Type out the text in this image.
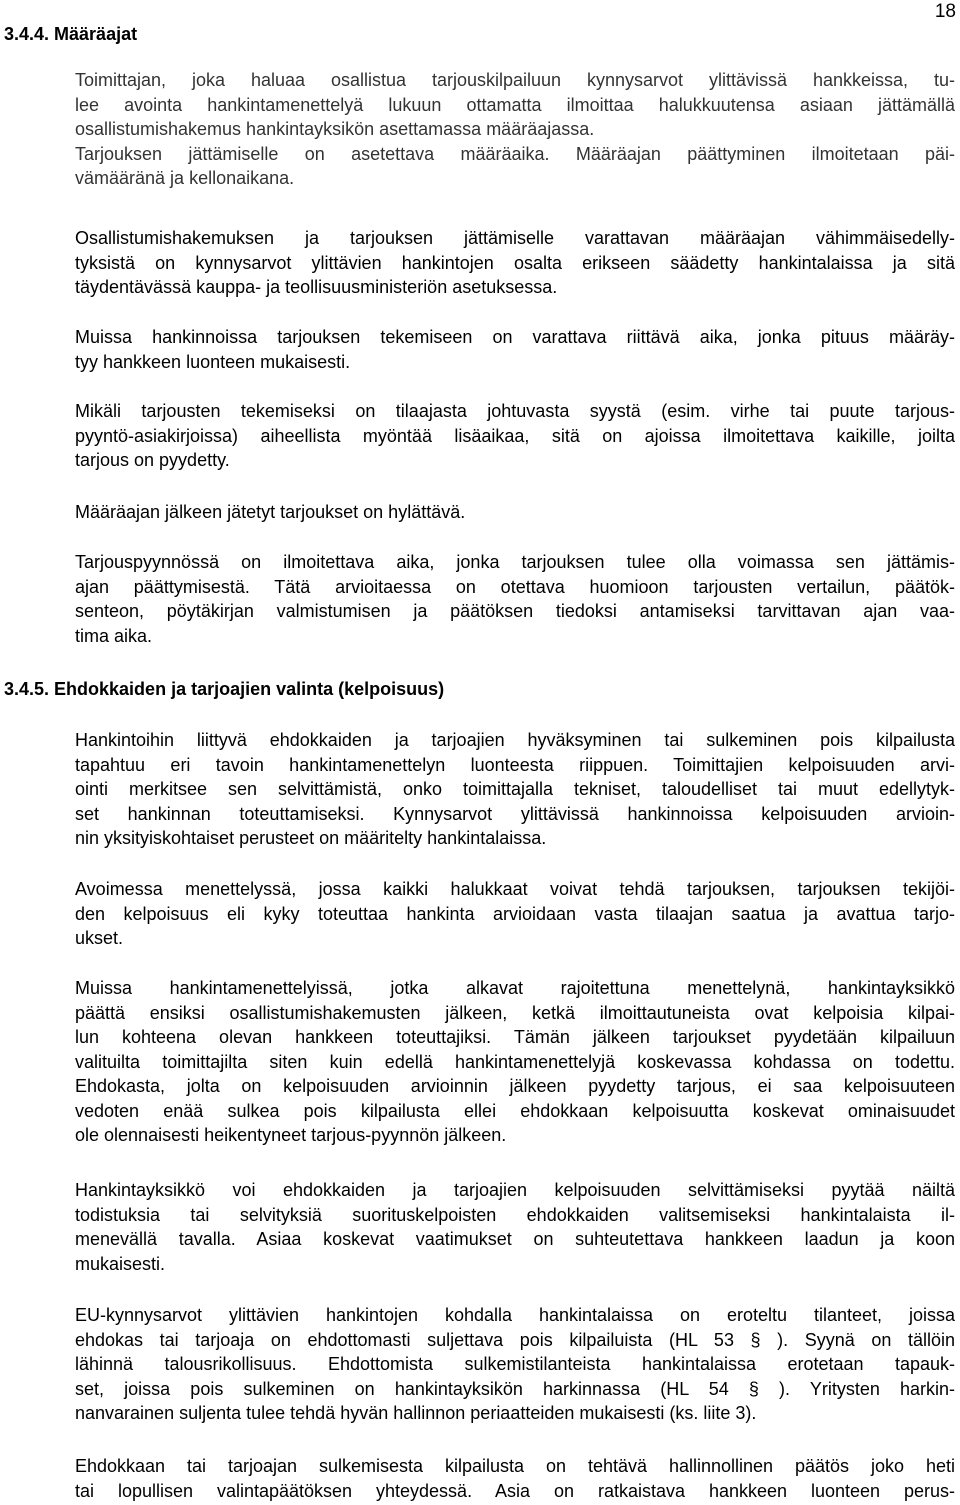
18
3.4.4. Määräajat

Toimittajan, joka haluaa osallistua tarjouskilpailuun kynnysarvot ylittävissä hankkeissa, tu-
lee avointa hankintamenettelyä lukuun ottamatta ilmoittaa halukkuutensa asiaan jättämällä
osallistumishakemus hankintayksikön asettamassa määräajassa.
Tarjouksen jättämiselle on asetettava määräaika. Määräajan päättyminen ilmoitetaan päi-
vämääränä ja kellonaikana.

Osallistumishakemuksen ja tarjouksen jättämiselle varattavan määräajan vähimmäisedelly-
tyksistä on kynnysarvot ylittävien hankintojen osalta erikseen säädetty hankintalaissa ja sitä
täydentävässä kauppa- ja teollisuusministeriön asetuksessa.

Muissa hankinnoissa tarjouksen tekemiseen on varattava riittävä aika, jonka pituus määräy-
tyy hankkeen luonteen mukaisesti.

Mikäli tarjousten tekemiseksi on tilaajasta johtuvasta syystä (esim. virhe tai puute tarjous-
pyyntö-asiakirjoissa) aiheellista myöntää lisäaikaa, sitä on ajoissa ilmoitettava kaikille, joilta
tarjous on pyydetty.

Määräajan jälkeen jätetyt tarjoukset on hylättävä.

Tarjouspyynnössä on ilmoitettava aika, jonka tarjouksen tulee olla voimassa sen jättämis-
ajan päättymisestä. Tätä arvioitaessa on otettava huomioon tarjousten vertailun, päätök-
senteon, pöytäkirjan valmistumisen ja päätöksen tiedoksi antamiseksi tarvittavan ajan vaa-
tima aika.

3.4.5. Ehdokkaiden ja tarjoajien valinta (kelpoisuus)

Hankintoihin liittyvä ehdokkaiden ja tarjoajien hyväksyminen tai sulkeminen pois kilpailusta
tapahtuu eri tavoin hankintamenettelyn luonteesta riippuen. Toimittajien kelpoisuuden arvi-
ointi merkitsee sen selvittämistä, onko toimittajalla tekniset, taloudelliset tai muut edellytyk-
set hankinnan toteuttamiseksi. Kynnysarvot ylittävissä hankinnoissa kelpoisuuden arvioin-
nin yksityiskohtaiset perusteet on määritelty hankintalaissa.

Avoimessa menettelyssä, jossa kaikki halukkaat voivat tehdä tarjouksen, tarjouksen tekijöi-
den kelpoisuus eli kyky toteuttaa hankinta arvioidaan vasta tilaajan saatua ja avattua tarjo-
ukset.

Muissa hankintamenettelyissä, jotka alkavat rajoitettuna menettelynä, hankintayksikkö
päättä ensiksi osallistumishakemusten jälkeen, ketkä ilmoittautuneista ovat kelpoisia kilpai-
lun kohteena olevan hankkeen toteuttajiksi. Tämän jälkeen tarjoukset pyydetään kilpailuun
valituilta toimittajilta siten kuin edellä hankintamenettelyjä koskevassa kohdassa on todettu.
Ehdokasta, jolta on kelpoisuuden arvioinnin jälkeen pyydetty tarjous, ei saa kelpoisuuteen
vedoten enää sulkea pois kilpailusta ellei ehdokkaan kelpoisuutta koskevat ominaisuudet
ole olennaisesti heikentyneet tarjous-pyynnön jälkeen.

Hankintayksikkö voi ehdokkaiden ja tarjoajien kelpoisuuden selvittämiseksi pyytää näiltä
todistuksia tai selvityksiä suorituskelpoisten ehdokkaiden valitsemiseksi hankintalaista il-
menevällä tavalla. Asiaa koskevat vaatimukset on suhteutettava hankkeen laadun ja koon
mukaisesti.

EU-kynnysarvot ylittävien hankintojen kohdalla hankintalaissa on eroteltu tilanteet, joissa
ehdokas tai tarjoaja on ehdottomasti suljettava pois kilpailuista (HL 53 § ). Syynä on tällöin
lähinnä talousrikollisuus. Ehdottomista sulkemistilanteista hankintalaissa erotetaan tapauk-
set, joissa pois sulkeminen on hankintayksikön harkinnassa (HL 54 § ). Yritysten harkin-
nanvarainen suljenta tulee tehdä hyvän hallinnon periaatteiden mukaisesti (ks. liite 3).

Ehdokkaan tai tarjoajan sulkemisesta kilpailusta on tehtävä hallinnollinen päätös joko heti
tai lopullisen valintapäätöksen yhteydessä. Asia on ratkaistava hankkeen luonteen perus-
